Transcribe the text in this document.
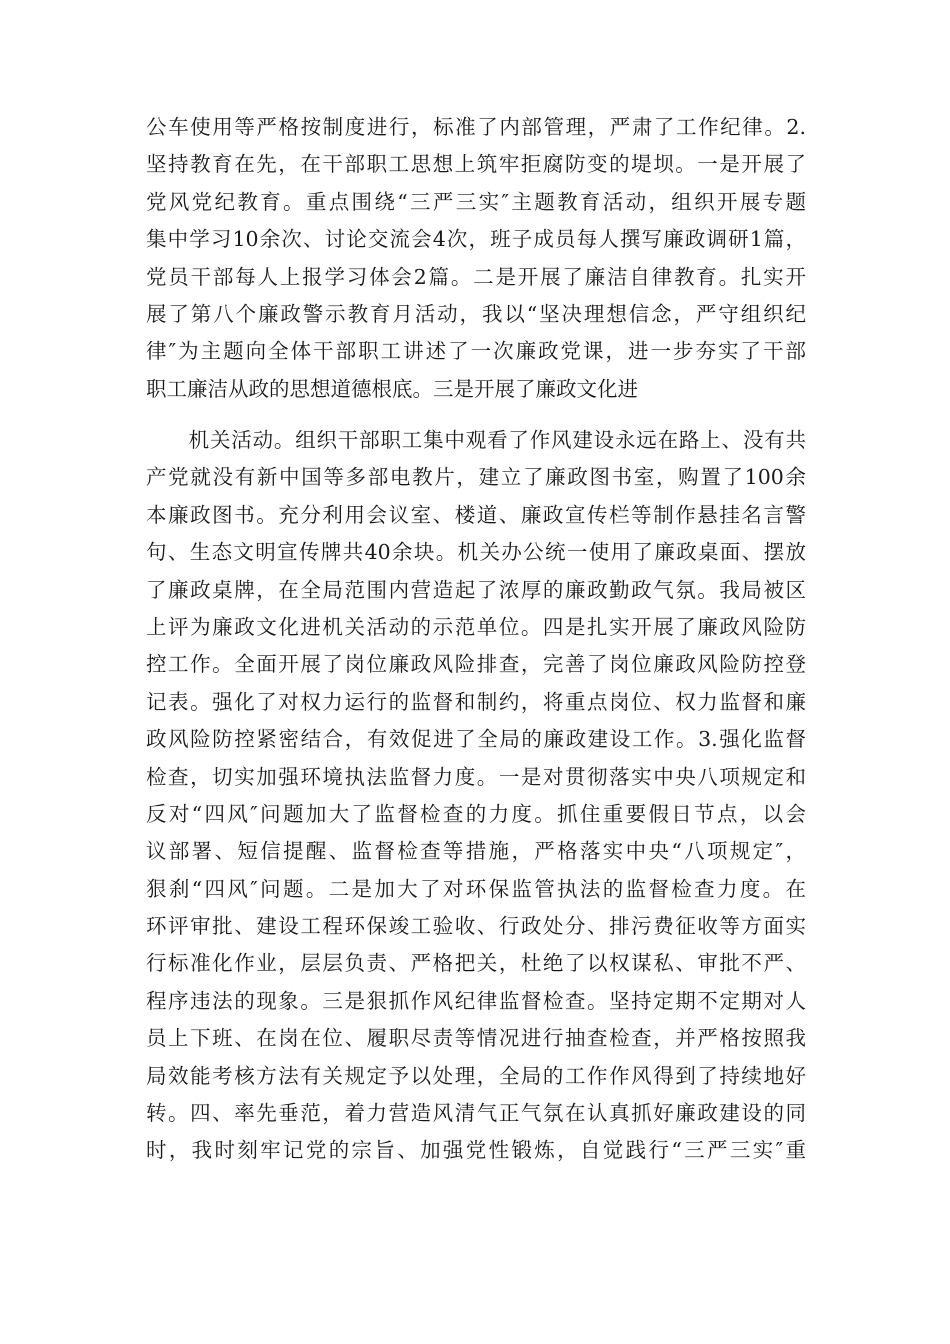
公车使用等严格按制度进行，标准了内部管理，严肃了工作纪律。2.
坚持教育在先，在干部职工思想上筑牢拒腐防变的堤坝。一是开展了
党风党纪教育。重点围绕“三严三实″主题教育活动，组织开展专题
集中学习10余次、讨论交流会4次，班子成员每人撰写廉政调研1篇，
党员干部每人上报学习体会2篇。二是开展了廉洁自律教育。扎实开
展了第八个廉政警示教育月活动，我以“坚决理想信念，严守组织纪
律″为主题向全体干部职工讲述了一次廉政党课，进一步夯实了干部
职工廉洁从政的思想道德根底。三是开展了廉政文化进
　　机关活动。组织干部职工集中观看了作风建设永远在路上、没有共
产党就没有新中国等多部电教片，建立了廉政图书室，购置了100余
本廉政图书。充分利用会议室、楼道、廉政宣传栏等制作悬挂名言警
句、生态文明宣传牌共40余块。机关办公统一使用了廉政桌面、摆放
了廉政桌牌，在全局范围内营造起了浓厚的廉政勤政气氛。我局被区
上评为廉政文化进机关活动的示范单位。四是扎实开展了廉政风险防
控工作。全面开展了岗位廉政风险排查，完善了岗位廉政风险防控登
记表。强化了对权力运行的监督和制约，将重点岗位、权力监督和廉
政风险防控紧密结合，有效促进了全局的廉政建设工作。3.强化监督
检查，切实加强环境执法监督力度。一是对贯彻落实中央八项规定和
反对“四风″问题加大了监督检查的力度。抓住重要假日节点，以会
议部署、短信提醒、监督检查等措施，严格落实中央“八项规定″，
狠刹“四风″问题。二是加大了对环保监管执法的监督检查力度。在
环评审批、建设工程环保竣工验收、行政处分、排污费征收等方面实
行标准化作业，层层负责、严格把关，杜绝了以权谋私、审批不严、
程序违法的现象。三是狠抓作风纪律监督检查。坚持定期不定期对人
员上下班、在岗在位、履职尽责等情况进行抽查检查，并严格按照我
局效能考核方法有关规定予以处理，全局的工作作风得到了持续地好
转。四、率先垂范，着力营造风清气正气氛在认真抓好廉政建设的同
时，我时刻牢记党的宗旨、加强党性锻炼，自觉践行“三严三实″重
